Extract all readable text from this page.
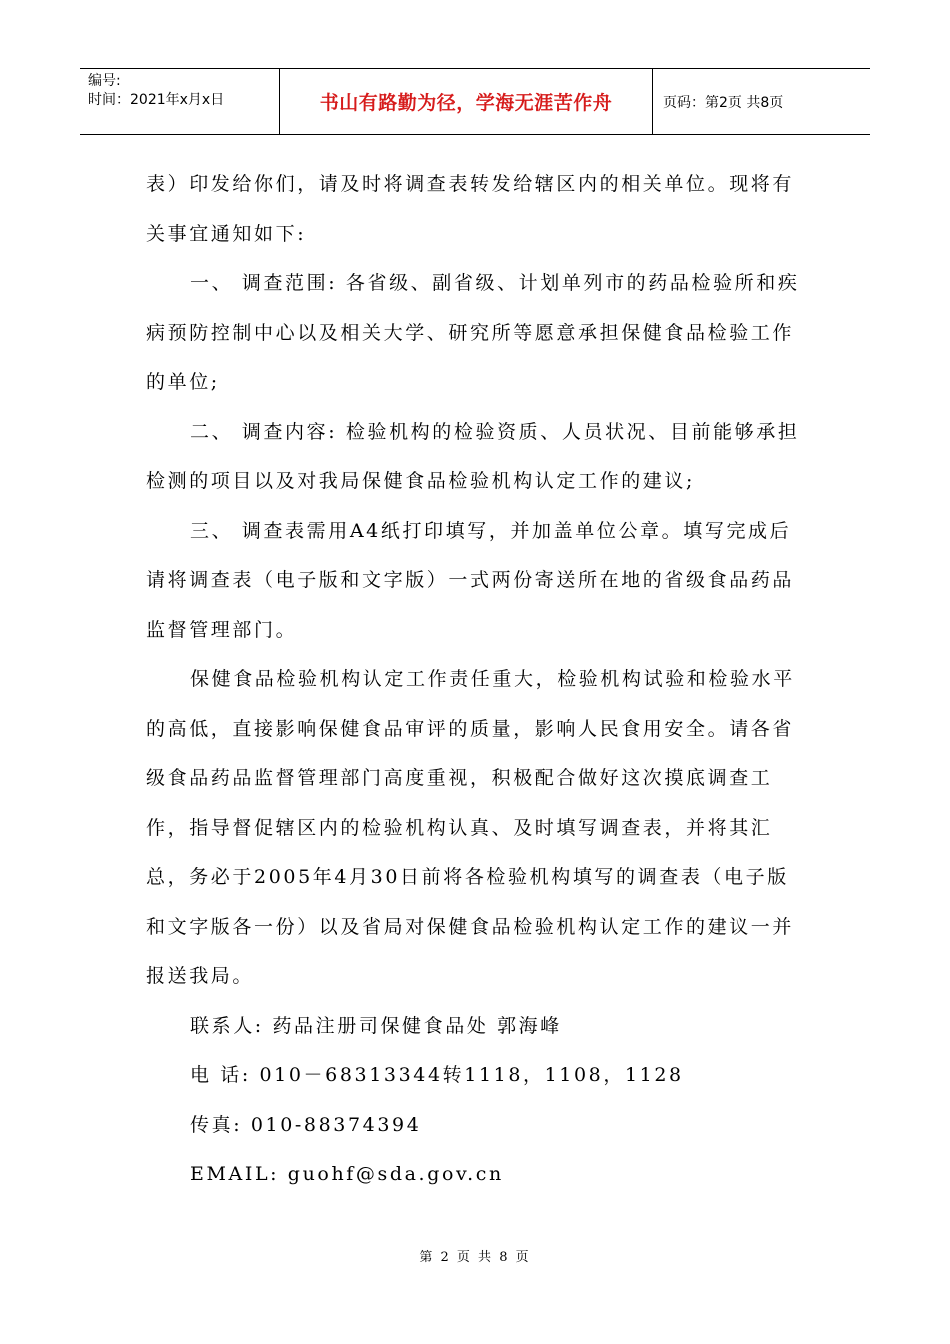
编号:
时间：2021年x月x日	书山有路勤为径，学海无涯苦作舟	页码：第2页 共8页

表）印发给你们，请及时将调查表转发给辖区内的相关单位。现将有关事宜通知如下:

一、 调查范围: 各省级、副省级、计划单列市的药品检验所和疾病预防控制中心以及相关大学、研究所等愿意承担保健食品检验工作的单位;

二、 调查内容: 检验机构的检验资质、人员状况、目前能够承担检测的项目以及对我局保健食品检验机构认定工作的建议;

三、 调查表需用A4纸打印填写，并加盖单位公章。填写完成后请将调查表（电子版和文字版）一式两份寄送所在地的省级食品药品监督管理部门。

保健食品检验机构认定工作责任重大，检验机构试验和检验水平的高低，直接影响保健食品审评的质量，影响人民食用安全。请各省级食品药品监督管理部门高度重视，积极配合做好这次摸底调查工作，指导督促辖区内的检验机构认真、及时填写调查表，并将其汇总，务必于2005年4月30日前将各检验机构填写的调查表（电子版和文字版各一份）以及省局对保健食品检验机构认定工作的建议一并报送我局。

联系人: 药品注册司保健食品处 郭海峰

电 话: 010－68313344转1118，1108，1128

传真: 010-88374394

EMAIL: guohf@sda.gov.cn

第 2 页 共 8 页
